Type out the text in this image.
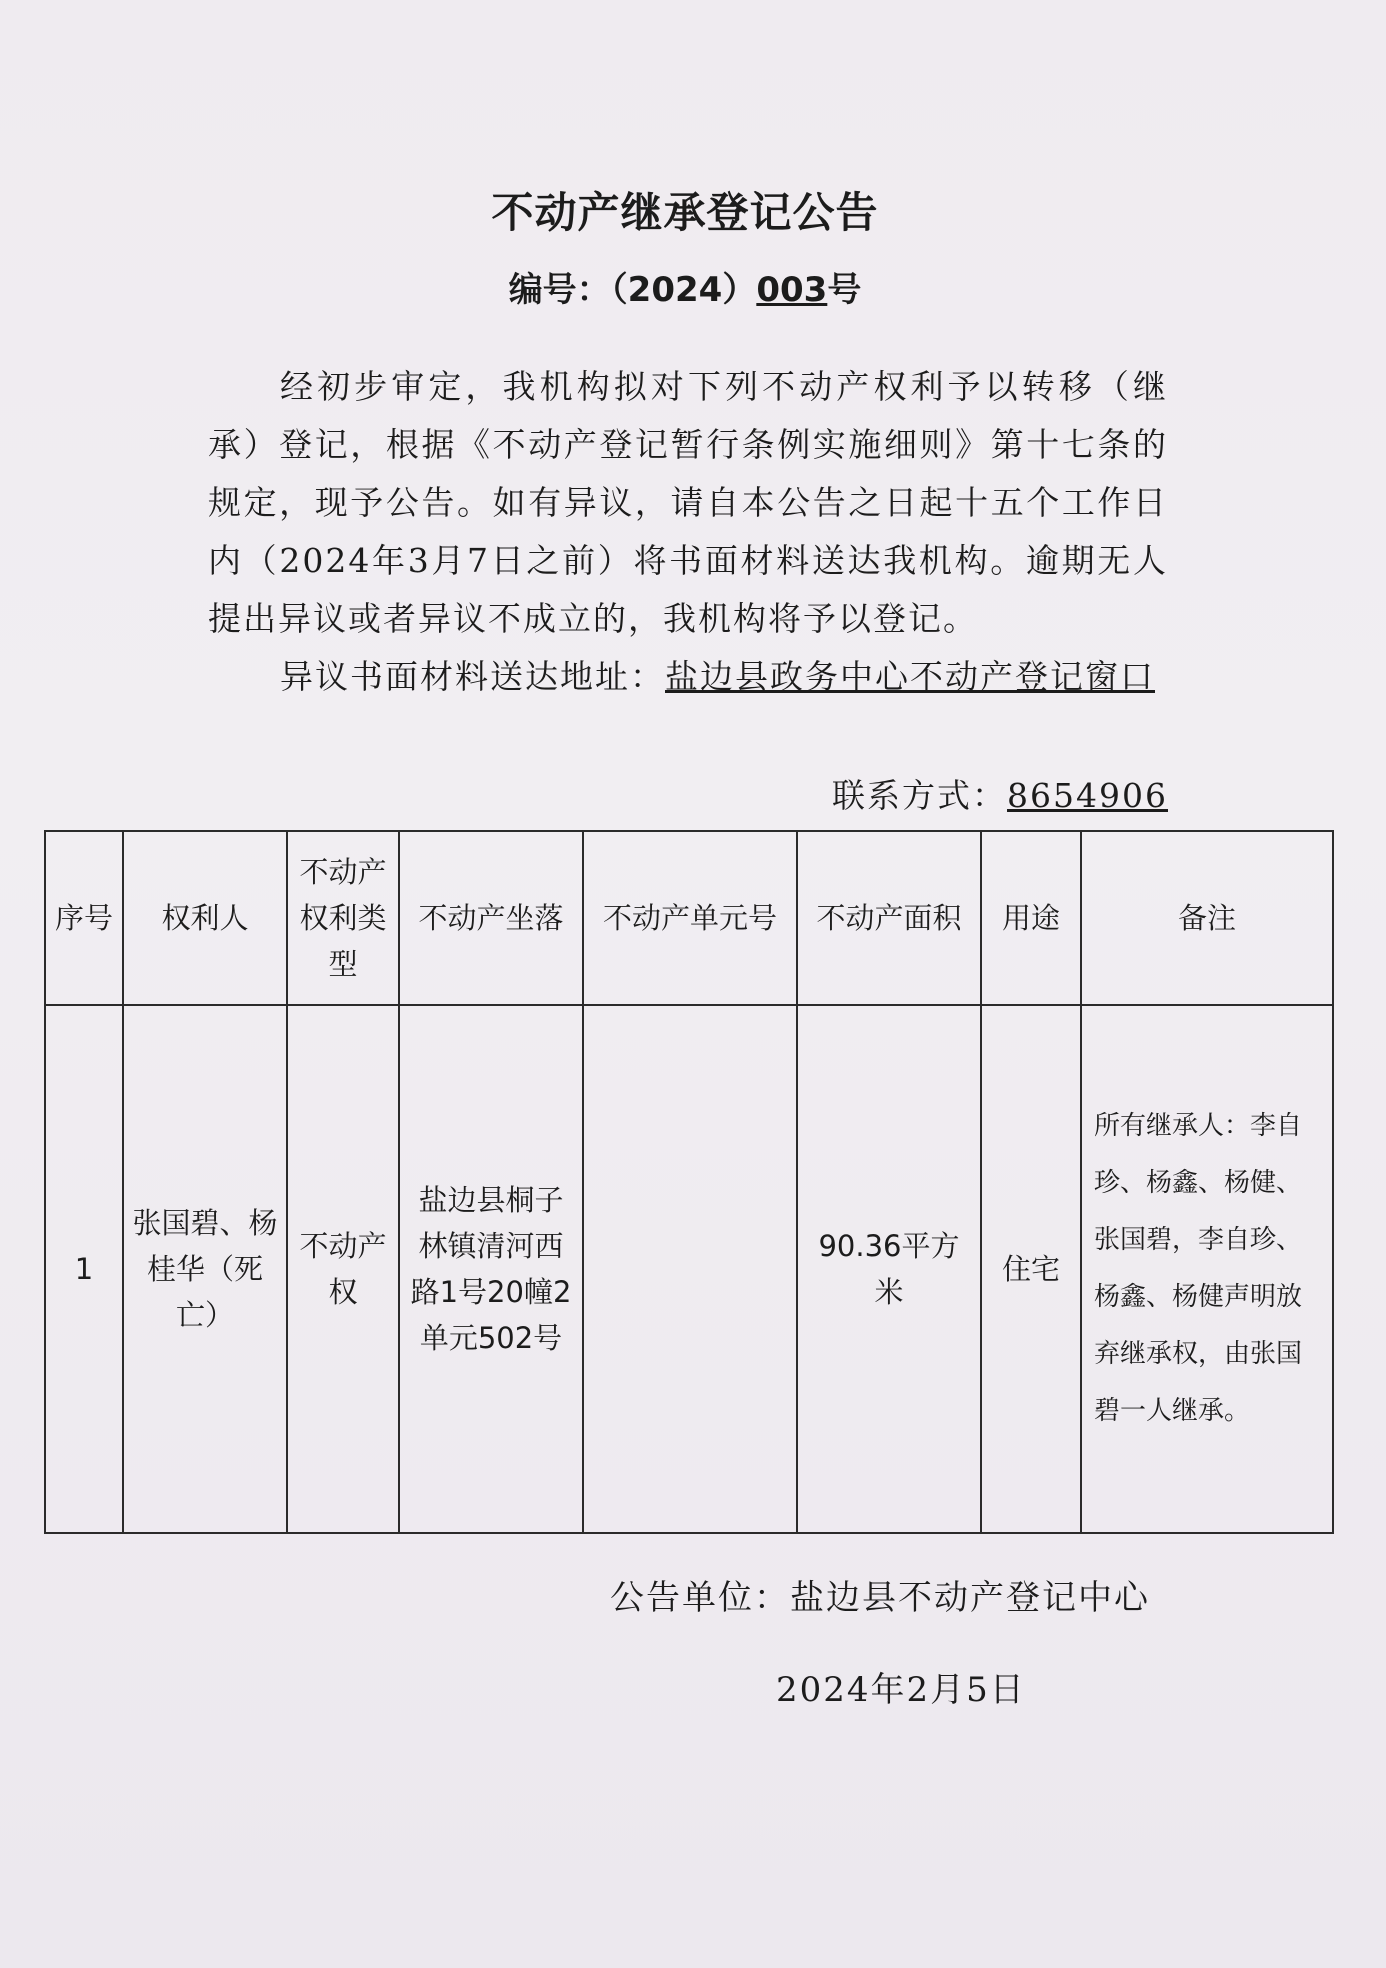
不动产继承登记公告
编号：（2024）003号

经初步审定，我机构拟对下列不动产权利予以转移（继承）登记，根据《不动产登记暂行条例实施细则》第十七条的规定，现予公告。如有异议，请自本公告之日起十五个工作日内（2024年3月7日之前）将书面材料送达我机构。逾期无人提出异议或者异议不成立的，我机构将予以登记。

异议书面材料送达地址：盐边县政务中心不动产登记窗口

联系方式：8654906
序号	权利人	不动产权利类型	不动产坐落	不动产单元号	不动产面积	用途	备注
1	张国碧、杨桂华（死亡）	不动产权	盐边县桐子林镇清河西路1号20幢2单元502号		90.36平方米	住宅	所有继承人：李自珍、杨鑫、杨健、张国碧，李自珍、杨鑫、杨健声明放弃继承权，由张国碧一人继承。
公告单位：盐边县不动产登记中心
2024年2月5日
